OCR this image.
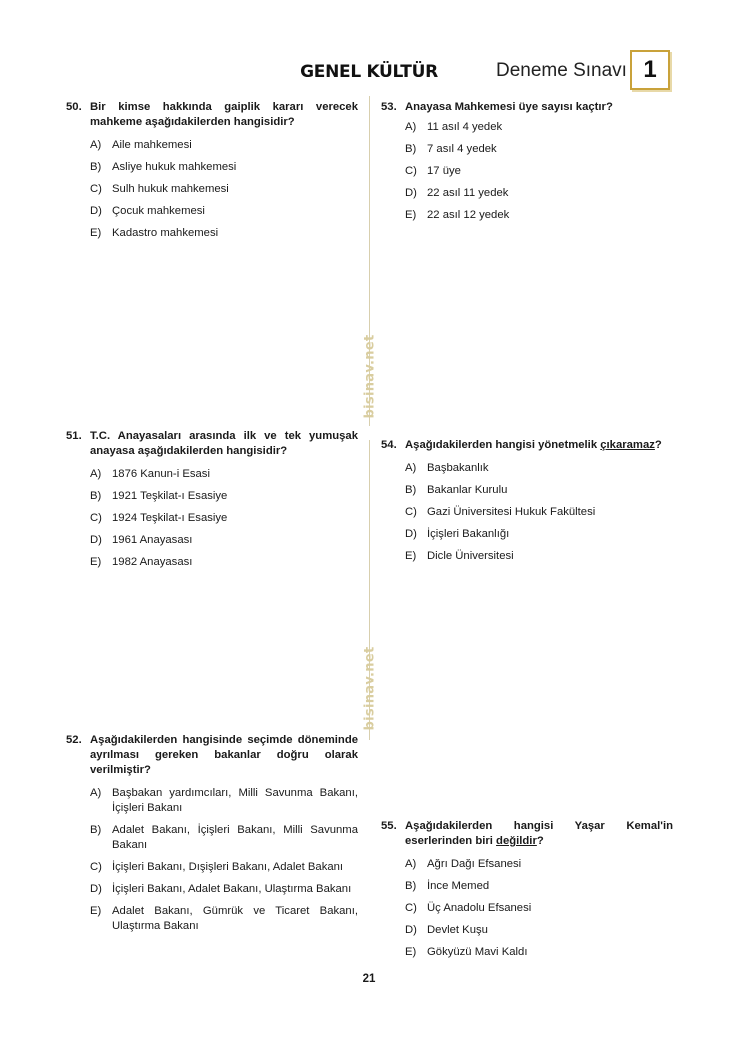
GENEL KÜLTÜR	Deneme Sınavı 1
bisinav.net
bisinav.net
50. Bir kimse hakkında gaiplik kararı verecek mahkeme aşağıdakilerden hangisidir?
A) Aile mahkemesi
B) Asliye hukuk mahkemesi
C) Sulh hukuk mahkemesi
D) Çocuk mahkemesi
E) Kadastro mahkemesi
51. T.C. Anayasaları arasında ilk ve tek yumuşak anayasa aşağıdakilerden hangisidir?
A) 1876 Kanun-i Esasi
B) 1921 Teşkilat-ı Esasiye
C) 1924 Teşkilat-ı Esasiye
D) 1961 Anayasası
E) 1982 Anayasası
52. Aşağıdakilerden hangisinde seçimde döneminde ayrılması gereken bakanlar doğru olarak verilmiştir?
A) Başbakan yardımcıları, Milli Savunma Bakanı, İçişleri Bakanı
B) Adalet Bakanı, İçişleri Bakanı, Milli Savunma Bakanı
C) İçişleri Bakanı, Dışişleri Bakanı, Adalet Bakanı
D) İçişleri Bakanı, Adalet Bakanı, Ulaştırma Bakanı
E) Adalet Bakanı, Gümrük ve Ticaret Bakanı, Ulaştırma Bakanı
53. Anayasa Mahkemesi üye sayısı kaçtır?
A) 11 asıl 4 yedek
B) 7 asıl 4 yedek
C) 17 üye
D) 22 asıl 11 yedek
E) 22 asıl 12 yedek
54. Aşağıdakilerden hangisi yönetmelik çıkaramaz?
A) Başbakanlık
B) Bakanlar Kurulu
C) Gazi Üniversitesi Hukuk Fakültesi
D) İçişleri Bakanlığı
E) Dicle Üniversitesi
55. Aşağıdakilerden hangisi Yaşar Kemal'in eserlerinden biri değildir?
A) Ağrı Dağı Efsanesi
B) İnce Memed
C) Üç Anadolu Efsanesi
D) Devlet Kuşu
E) Gökyüzü Mavi Kaldı
21
